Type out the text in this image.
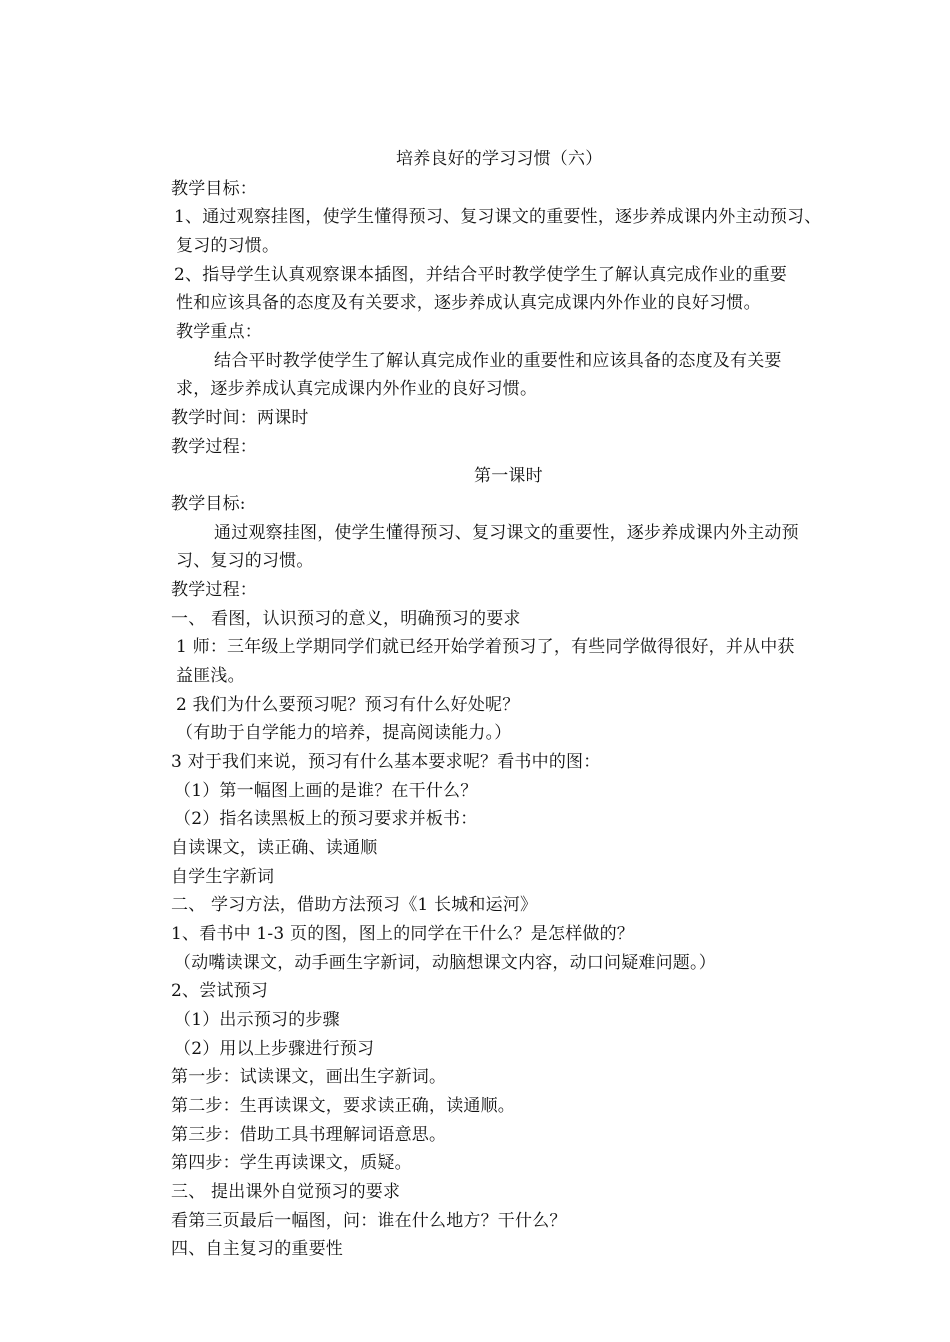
培养良好的学习习惯（六）
教学目标：
1、通过观察挂图，使学生懂得预习、复习课文的重要性，逐步养成课内外主动预习、
复习的习惯。
2、指导学生认真观察课本插图，并结合平时教学使学生了解认真完成作业的重要
性和应该具备的态度及有关要求，逐步养成认真完成课内外作业的良好习惯。
教学重点：
结合平时教学使学生了解认真完成作业的重要性和应该具备的态度及有关要
求，逐步养成认真完成课内外作业的良好习惯。
教学时间：两课时
教学过程：
第一课时
教学目标:
通过观察挂图，使学生懂得预习、复习课文的重要性，逐步养成课内外主动预
习、复习的习惯。
教学过程：
一、 看图，认识预习的意义，明确预习的要求
1 师：三年级上学期同学们就已经开始学着预习了，有些同学做得很好，并从中获
益匪浅。
2 我们为什么要预习呢？预习有什么好处呢？
（有助于自学能力的培养，提高阅读能力。）
3 对于我们来说，预习有什么基本要求呢？看书中的图：
（1）第一幅图上画的是谁？在干什么？
（2）指名读黑板上的预习要求并板书：
自读课文，读正确、读通顺
自学生字新词
二、 学习方法，借助方法预习《1 长城和运河》
1、看书中 1-3 页的图，图上的同学在干什么？是怎样做的？
（动嘴读课文，动手画生字新词，动脑想课文内容，动口问疑难问题。）
2、尝试预习
（1）出示预习的步骤
（2）用以上步骤进行预习
第一步：试读课文，画出生字新词。
第二步：生再读课文，要求读正确，读通顺。
第三步：借助工具书理解词语意思。
第四步：学生再读课文，质疑。
三、 提出课外自觉预习的要求
看第三页最后一幅图，问：谁在什么地方？干什么？
四、自主复习的重要性
